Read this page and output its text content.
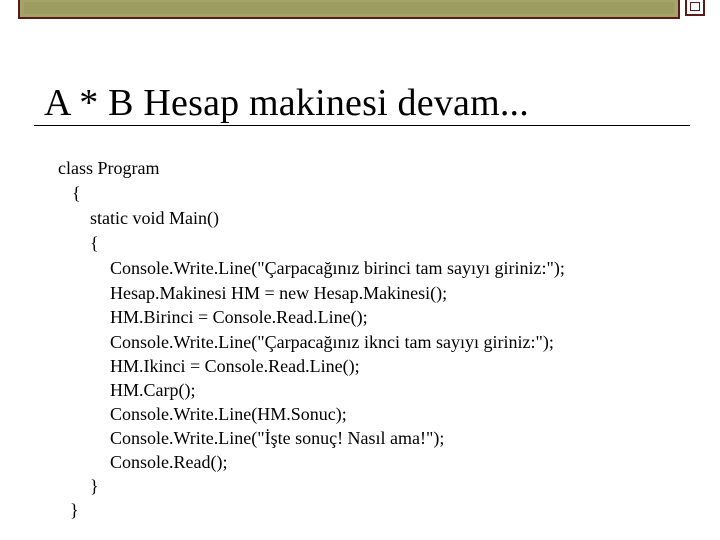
A * B Hesap makinesi devam...
class Program
{
static void Main()
{
Console.Write.Line("Çarpacağınız birinci tam sayıyı giriniz:");
Hesap.Makinesi HM = new Hesap.Makinesi();
HM.Birinci = Console.Read.Line();
Console.Write.Line("Çarpacağınız iknci tam sayıyı giriniz:");
HM.Ikinci = Console.Read.Line();
HM.Carp();
Console.Write.Line(HM.Sonuc);
Console.Write.Line("İşte sonuç! Nasıl ama!");
Console.Read();
}
}
